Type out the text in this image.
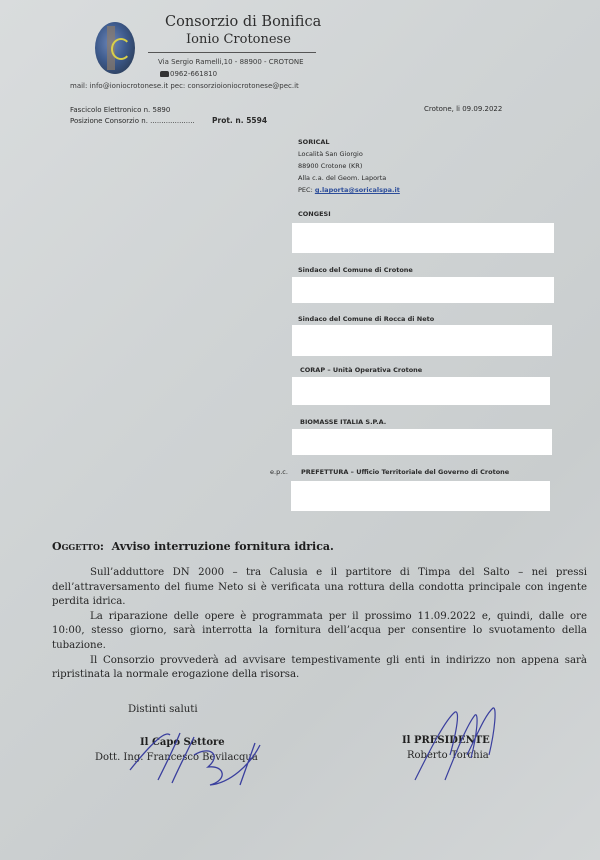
Consorzio di Bonifica
Ionio Crotonese
Via Sergio Ramelli,10 - 88900 - CROTONE
0962-661810
mail: info@ioniocrotonese.it pec: consorzioioniocrotonese@pec.it
Fascicolo Elettronico n. 5890
Posizione Consorzio n. .................... Prot. n. 5594
Crotone, li 09.09.2022
SORICAL
Località San Giorgio
88900 Crotone (KR)
Alla c.a. del Geom. Laporta
PEC: g.laporta@soricalspa.it
CONGESI
Sindaco del Comune di Crotone
Sindaco del Comune di Rocca di Neto
CORAP – Unità Operativa Crotone
BIOMASSE ITALIA S.P.A.
e.p.c. PREFETTURA – Ufficio Territoriale del Governo di Crotone
Oggetto: Avviso interruzione fornitura idrica.

Sull’adduttore DN 2000 – tra Calusia e il partitore di Timpa del Salto – nei pressi dell’attraversamento del fiume Neto si è verificata una rottura della condotta principale con ingente perdita idrica.

La riparazione delle opere è programmata per il prossimo 11.09.2022 e, quindi, dalle ore 10:00, stesso giorno, sarà interrotta la fornitura dell’acqua per consentire lo svuotamento della tubazione.

Il Consorzio provvederà ad avvisare tempestivamente gli enti in indirizzo non appena sarà ripristinata la normale erogazione della risorsa.

Distinti saluti
Il Capo Settore
Dott. Ing. Francesco Bevilacqua
Il PRESIDENTE
Roberto Torchia
